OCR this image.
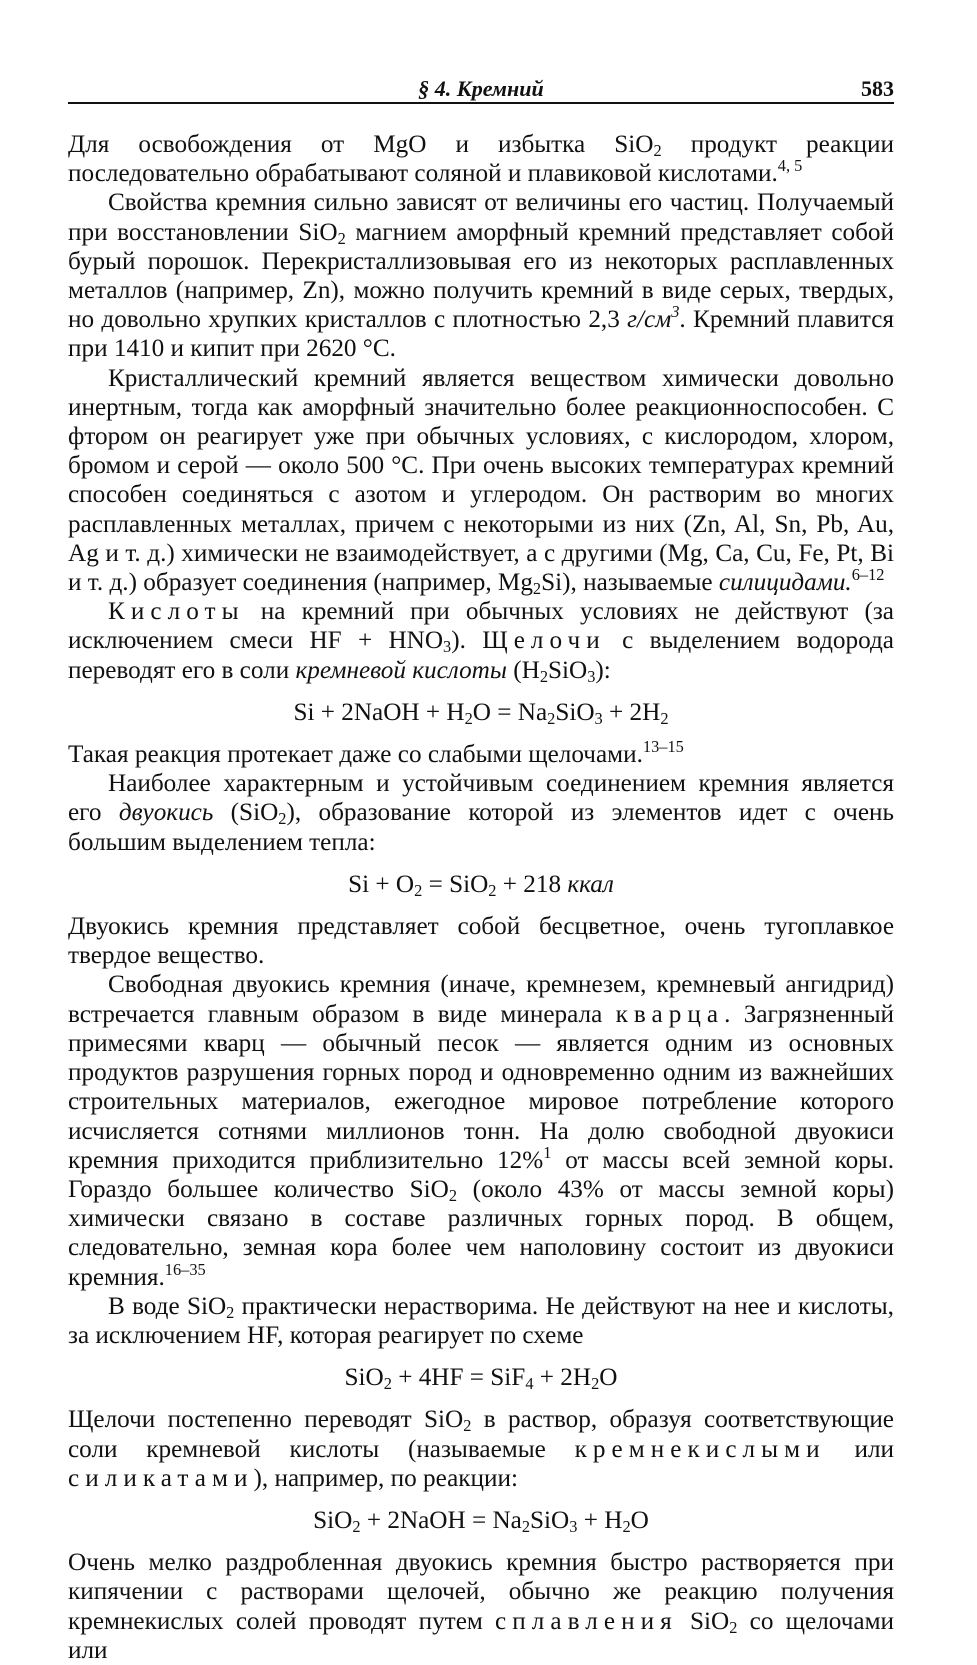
§ 4. Кремний	583

Для освобождения от MgO и избытка SiO$_2$ продукт реакции последовательно обрабатывают соляной и плавиковой кислотами.$^{4, 5}$

Свойства кремния сильно зависят от величины его частиц. Получаемый при восстановлении SiO$_2$ магнием аморфный кремний представляет собой бурый порошок. Перекристаллизовывая его из некоторых расплавленных металлов (например, Zn), можно получить кремний в виде серых, твердых, но довольно хрупких кристаллов с плотностью 2,3 $г/см^3$. Кремний плавится при 1410 и кипит при 2620 °С.

Кристаллический кремний является веществом химически довольно инертным, тогда как аморфный значительно более реакционноспособен. С фтором он реагирует уже при обычных условиях, с кислородом, хлором, бромом и серой — около 500 °С. При очень высоких температурах кремний способен соединяться с азотом и углеродом. Он растворим во многих расплавленных металлах, причем с некоторыми из них (Zn, Al, Sn, Pb, Au, Ag и т. д.) химически не взаимодействует, а с другими (Mg, Ca, Cu, Fe, Pt, Bi и т. д.) образует соединения (например, $Mg_2Si$), называемые силицидами.$^{6-12}$

Кислоты на кремний при обычных условиях не действуют (за исключением смеси HF + $HNO_3$). Щелочи с выделением водорода переводят его в соли кремневой кислоты $(H_2SiO_3)$:

Si + 2NaOH + $H_2O = Na_2SiO_3 + 2H_2$

Такая реакция протекает даже со слабыми щелочами.$^{13-15}$

Наиболее характерным и устойчивым соединением кремния является его двуокись (SiO$_2$), образование которой из элементов идет с очень большим выделением тепла:

$Si + O_2 = SiO_2 + 218$ ккал

Двуокись кремния представляет собой бесцветное, очень тугоплавкое твердое вещество.

Свободная двуокись кремния (иначе, кремнезем, кремневый ангидрид) встречается главным образом в виде минерала кварца. Загрязненный примесями кварц — обычный песок — является одним из основных продуктов разрушения горных пород и одновременно одним из важнейших строительных материалов, ежегодное мировое потребление которого исчисляется сотнями миллионов тонн. На долю свободной двуокиси кремния приходится приблизительно 12%$^1$ от массы всей земной коры. Гораздо большее количество SiO$_2$ (около 43% от массы земной коры) химически связано в составе различных горных пород. В общем, следовательно, земная кора более чем наполовину состоит из двуокиси кремния.$^{16-35}$

В воде SiO$_2$ практически нерастворима. Не действуют на нее и кислоты, за исключением HF, которая реагирует по схеме

$SiO_2 + 4HF = SiF_4 + 2H_2O$

Щелочи постепенно переводят SiO$_2$ в раствор, образуя соответствующие соли кремневой кислоты (называемые кремнекислыми или силикатами), например, по реакции:

SiO$_2$ + 2NaOH = $Na_2SiO_3 + H_2O$

Очень мелко раздробленная двуокись кремния быстро растворяется при кипячении с растворами щелочей, обычно же реакцию получения кремнекислых солей проводят путем сплавления SiO$_2$ со щелочами или
